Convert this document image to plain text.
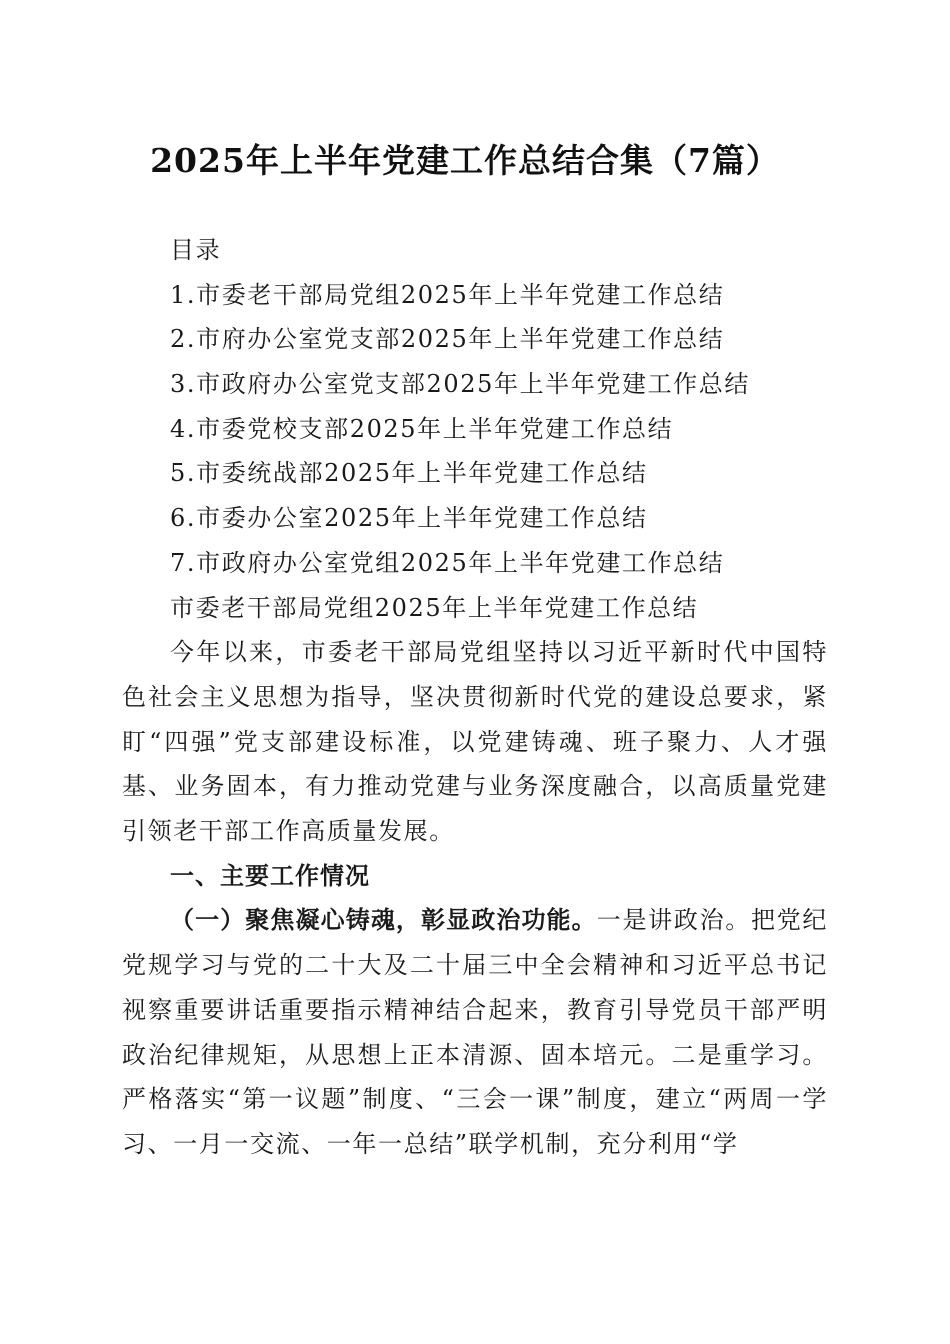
2025年上半年党建工作总结合集（7篇）
目录
1.市委老干部局党组2025年上半年党建工作总结
2.市府办公室党支部2025年上半年党建工作总结
3.市政府办公室党支部2025年上半年党建工作总结
4.市委党校支部2025年上半年党建工作总结
5.市委统战部2025年上半年党建工作总结
6.市委办公室2025年上半年党建工作总结
7.市政府办公室党组2025年上半年党建工作总结
市委老干部局党组2025年上半年党建工作总结

今年以来，市委老干部局党组坚持以习近平新时代中国特色社会主义思想为指导，坚决贯彻新时代党的建设总要求，紧盯“四强”党支部建设标准，以党建铸魂、班子聚力、人才强基、业务固本，有力推动党建与业务深度融合，以高质量党建引领老干部工作高质量发展。

一、主要工作情况

（一）聚焦凝心铸魂，彰显政治功能。一是讲政治。把党纪党规学习与党的二十大及二十届三中全会精神和习近平总书记视察重要讲话重要指示精神结合起来，教育引导党员干部严明政治纪律规矩，从思想上正本清源、固本培元。二是重学习。严格落实“第一议题”制度、“三会一课”制度，建立“两周一学习、一月一交流、一年一总结”联学机制，充分利用“学
